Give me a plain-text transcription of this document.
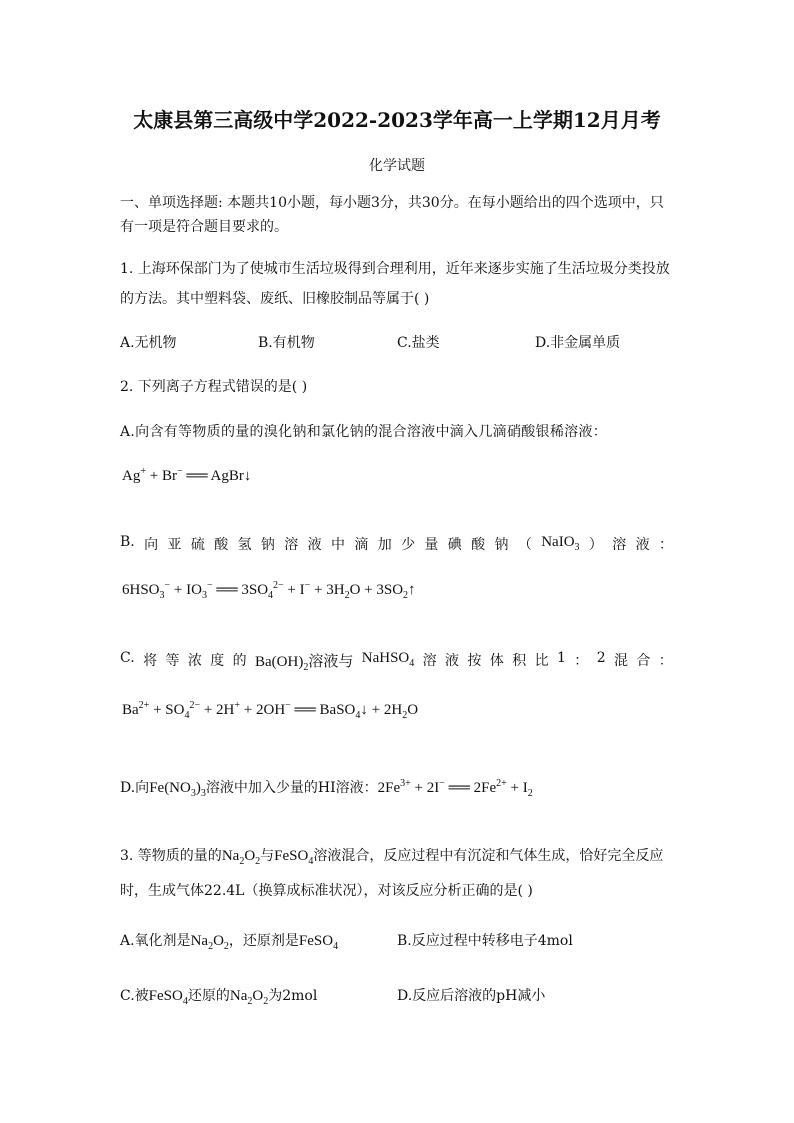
太康县第三高级中学2022-2023学年高一上学期12月月考
化学试题
一、单项选择题: 本题共10小题，每小题3分，共30分。在每小题给出的四个选项中，只
有一项是符合题目要求的。
1. 上海环保部门为了使城市生活垃圾得到合理利用，近年来逐步实施了生活垃圾分类投放
的方法。其中塑料袋、废纸、旧橡胶制品等属于( )
A.无机物	B.有机物	C.盐类	D.非金属单质
2. 下列离子方程式错误的是( )
A.向含有等物质的量的溴化钠和氯化钠的混合溶液中滴入几滴硝酸银稀溶液：
Ag+ + Br− ══ AgBr↓
B. 向 亚 硫 酸 氢 钠 溶 液 中 滴 加 少 量 碘 酸 钠 （ NaIO$_3$ ） 溶 液 ：
$6HSO_3^- + IO_3^-$ ══ $3SO_4^{2-} + I^- + 3H_2O$ + $3SO_2↑$
C. 将 等 浓 度 的 $Ba(OH)_2$溶液与 NaHSO$_4$ 溶 液 按 体 积 比 1 ： 2 混 合 ：
$Ba^{2+} + SO_4^{2-} + 2H^+ + 2OH^-$ ══ BaSO$_4$↓ + $2H_2O$
D.向$Fe(NO_3)_3$溶液中加入少量的HI溶液：$2Fe^{3+} + 2I^-$ ══ $2Fe^{2+} + I_2$
3. 等物质的量的$Na_2O_2$与FeSO$_4$溶液混合，反应过程中有沉淀和气体生成，恰好完全反应
时，生成气体22.4L（换算成标准状况），对该反应分析正确的是( )
A.氧化剂是$Na_2O_2$，还原剂是FeSO$_4$	B.反应过程中转移电子4mol
C.被FeSO$_4$还原的$Na_2O_2$为2mol	D.反应后溶液的pH减小
